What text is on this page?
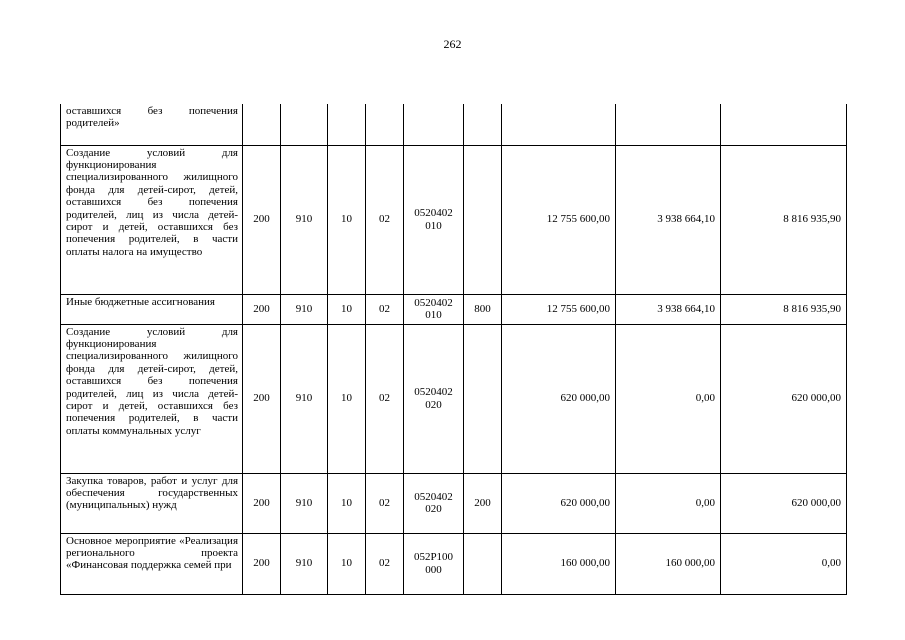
262
оставшихся без попечения родителей»									
Создание условий для функционирования специализированного жилищного фонда для детей-сирот, детей, оставшихся без попечения родителей, лиц из числа детей-сирот и детей, оставшихся без попечения родителей, в части оплаты налога на имущество	200	910	10	02	0520402 010		12 755 600,00	3 938 664,10	8 816 935,90
Иные бюджетные ассигнования	200	910	10	02	0520402 010	800	12 755 600,00	3 938 664,10	8 816 935,90
Создание условий для функционирования специализированного жилищного фонда для детей-сирот, детей, оставшихся без попечения родителей, лиц из числа детей-сирот и детей, оставшихся без попечения родителей, в части оплаты коммунальных услуг	200	910	10	02	0520402 020		620 000,00	0,00	620 000,00
Закупка товаров, работ и услуг для обеспечения государственных (муниципальных) нужд	200	910	10	02	0520402 020	200	620 000,00	0,00	620 000,00
Основное мероприятие «Реализация регионального проекта «Финансовая поддержка семей при	200	910	10	02	052P100 000		160 000,00	160 000,00	0,00
